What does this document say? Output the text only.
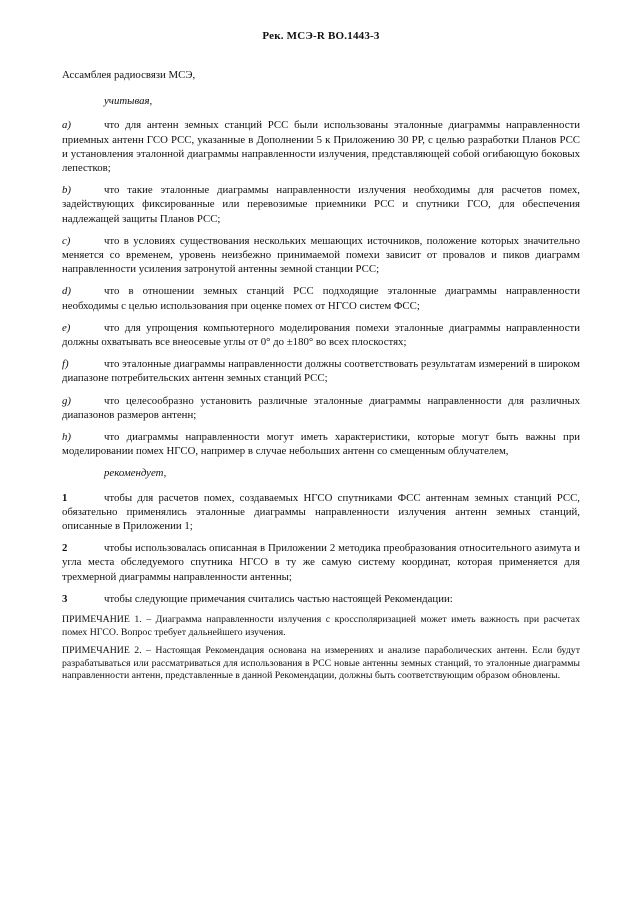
Рек. МСЭ-R BO.1443-3

Ассамблея радиосвязи МСЭ,

учитывая,

a)	что для антенн земных станций РСС были использованы эталонные диаграммы направленности приемных антенн ГСО РСС, указанные в Дополнении 5 к Приложению 30 РР, с целью разработки Планов РСС и установления эталонной диаграммы направленности излучения, представляющей собой огибающую боковых лепестков;

b)	что такие эталонные диаграммы направленности излучения необходимы для расчетов помех, задействующих фиксированные или перевозимые приемники РСС и спутники ГСО, для обеспечения надлежащей защиты Планов РСС;

c)	что в условиях существования нескольких мешающих источников, положение которых значительно меняется со временем, уровень неизбежно принимаемой помехи зависит от провалов и пиков диаграмм направленности усиления затронутой антенны земной станции РСС;

d)	что в отношении земных станций РСС подходящие эталонные диаграммы направленности необходимы с целью использования при оценке помех от НГСО систем ФСС;

e)	что для упрощения компьютерного моделирования помехи эталонные диаграммы направленности должны охватывать все внеосевые углы от 0° до ±180° во всех плоскостях;

f)	что эталонные диаграммы направленности должны соответствовать результатам измерений в широком диапазоне потребительских антенн земных станций РСС;

g)	что целесообразно установить различные эталонные диаграммы направленности для различных диапазонов размеров антенн;

h)	что диаграммы направленности могут иметь характеристики, которые могут быть важны при моделировании помех НГСО, например в случае небольших антенн со смещенным облучателем,

рекомендует,

1	чтобы для расчетов помех, создаваемых НГСО спутниками ФСС антеннам земных станций РСС, обязательно применялись эталонные диаграммы направленности излучения антенн земных станций, описанные в Приложении 1;

2	чтобы использовалась описанная в Приложении 2 методика преобразования относительного азимута и угла места обследуемого спутника НГСО в ту же самую систему координат, которая применяется для трехмерной диаграммы направленности антенны;

3	чтобы следующие примечания считались частью настоящей Рекомендации:

ПРИМЕЧАНИЕ 1. – Диаграмма направленности излучения с кроссполяризацией может иметь важность при расчетах помех НГСО. Вопрос требует дальнейшего изучения.

ПРИМЕЧАНИЕ 2. – Настоящая Рекомендация основана на измерениях и анализе параболических антенн. Если будут разрабатываться или рассматриваться для использования в РСС новые антенны земных станций, то эталонные диаграммы направленности антенн, представленные в данной Рекомендации, должны быть соответствующим образом обновлены.
